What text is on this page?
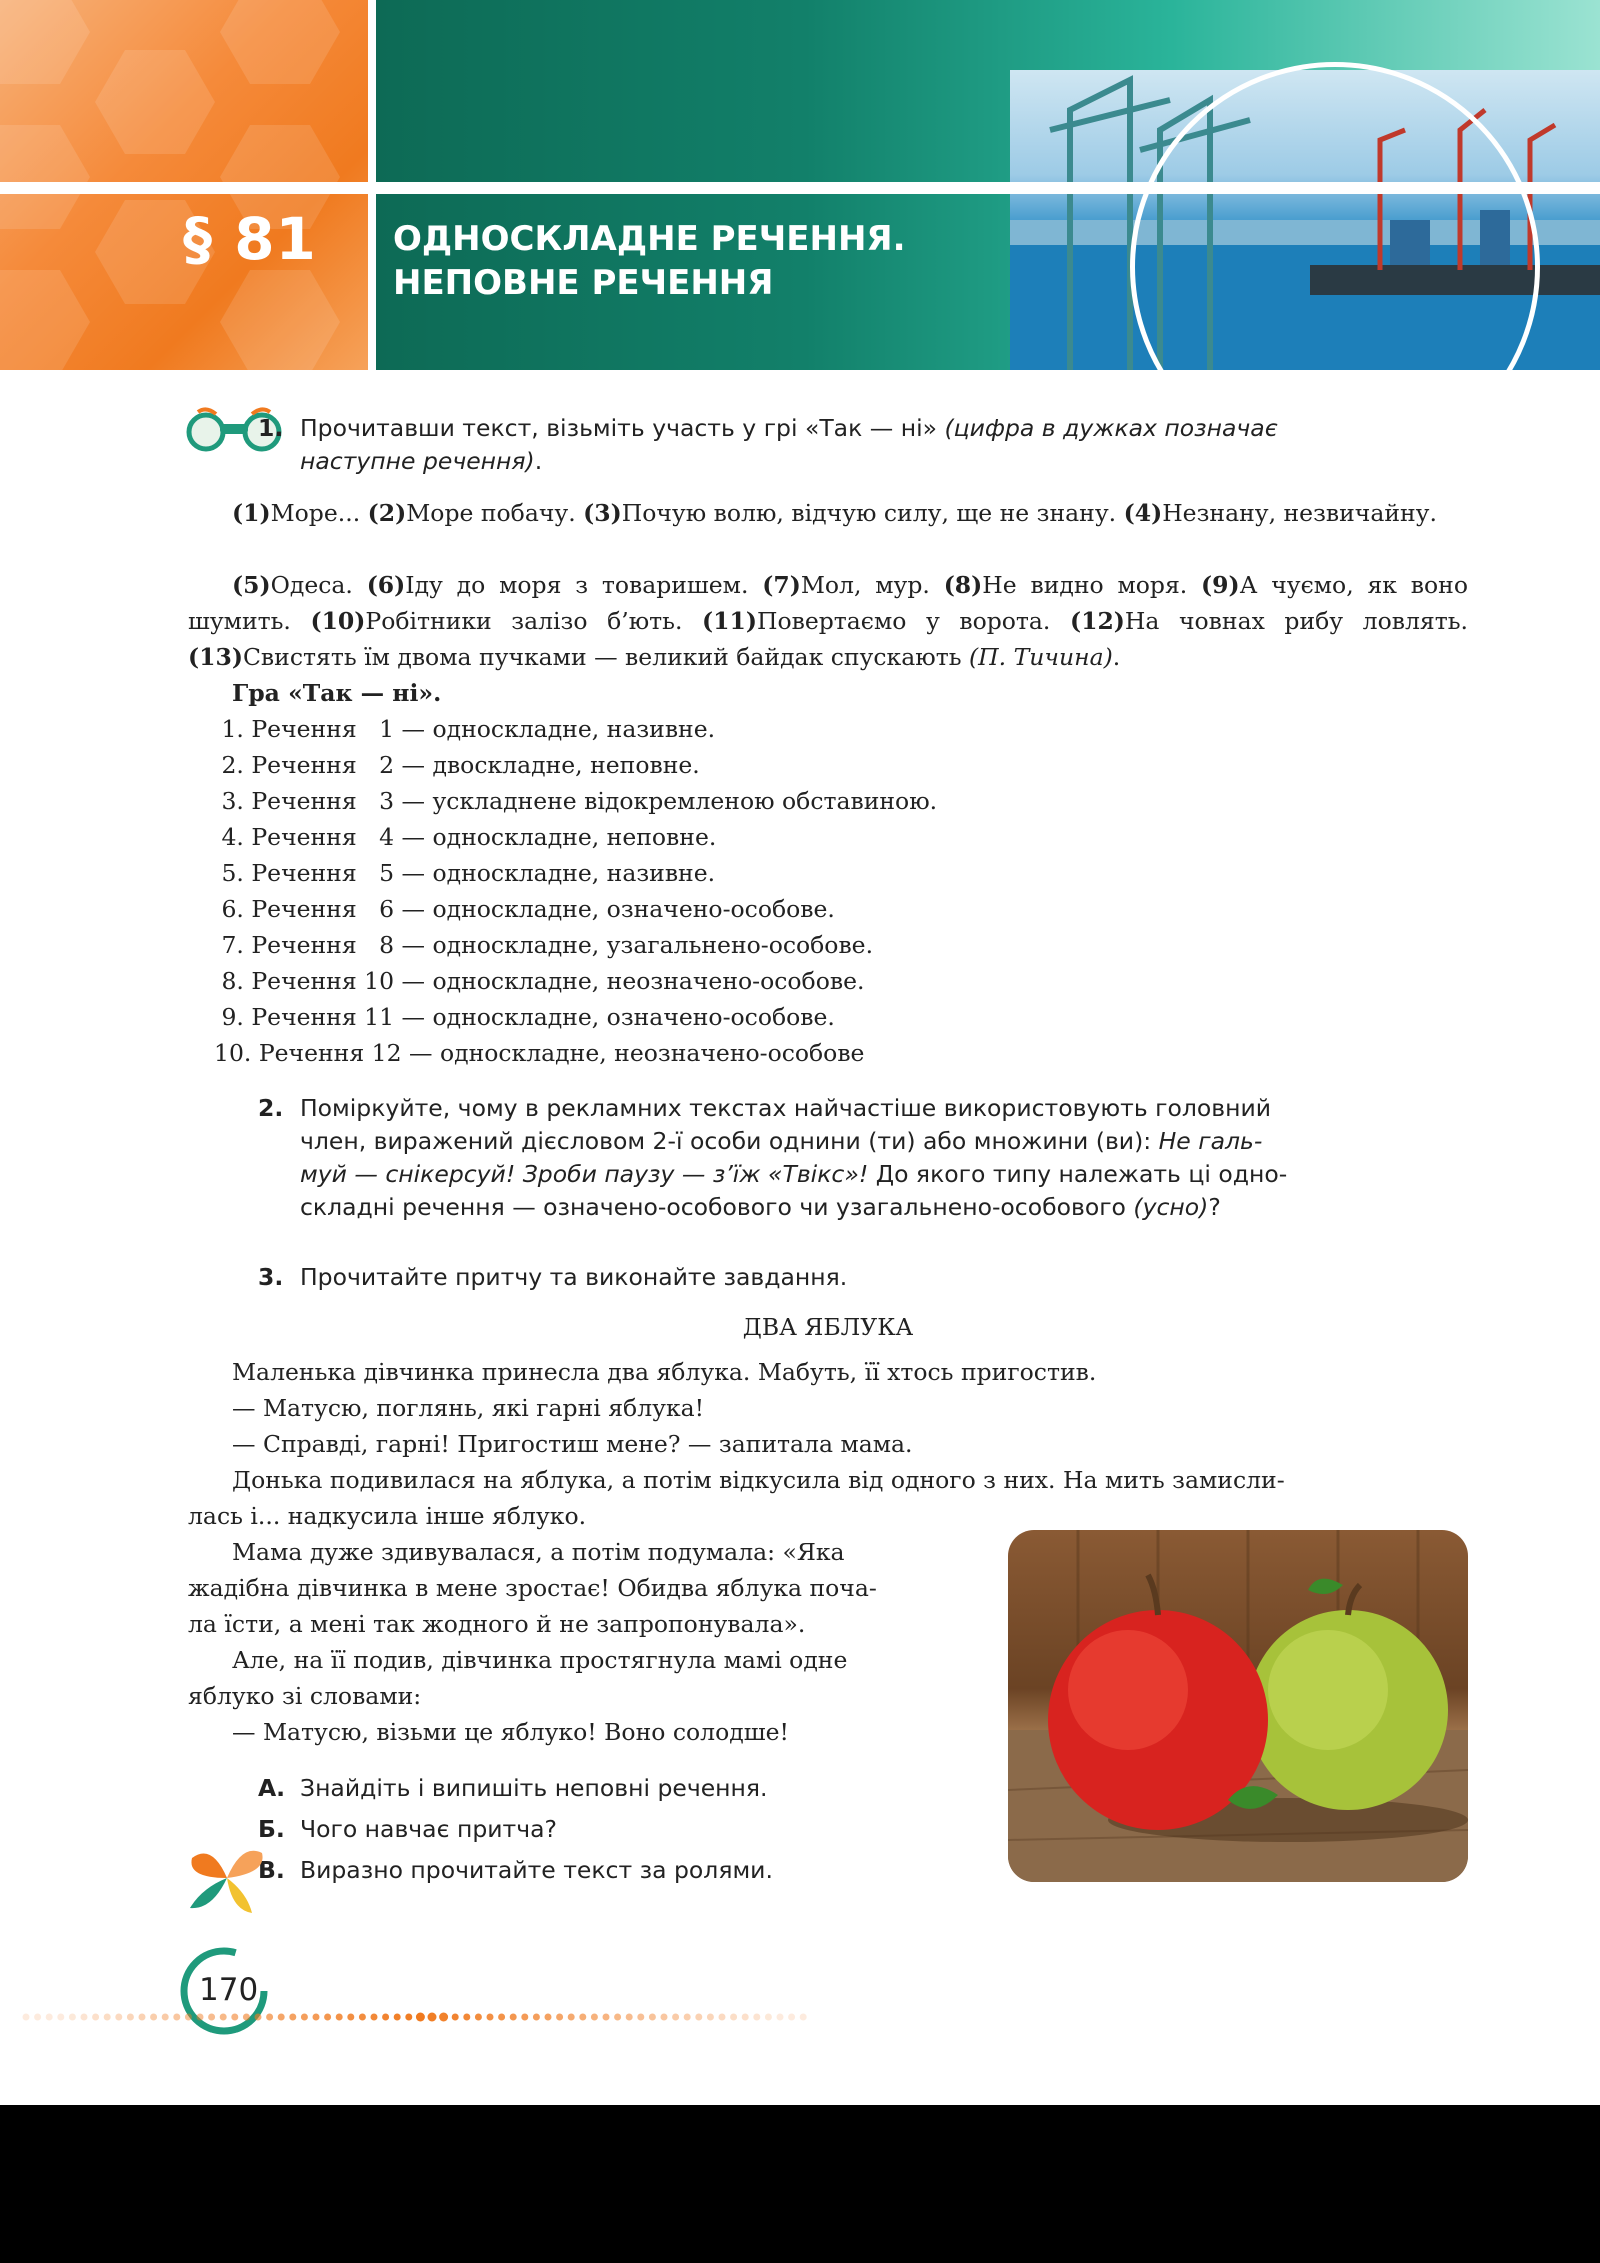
§ 81 ОДНОСКЛАДНЕ РЕЧЕННЯ.
НЕПОВНЕ РЕЧЕННЯ
1. Прочитавши текст, візьміть участь у грі «Так — ні» (цифра в дужках позначає
наступне речення).
(1)Море... (2)Море побачу. (3)Почую волю, відчую силу, ще не знану. (4)Незнану, незвичайну.
(5)Одеса. (6)Іду до моря з товаришем. (7)Мол, мур. (8)Не видно моря. (9)А чуємо, як воно шумить. (10)Робітники залізо б’ють. (11)Повертаємо у ворота. (12)На човнах рибу ловлять. (13)Свистять їм двома пучками — великий байдак спускають (П. Тичина).
Гра «Так — ні».
1. Речення   1 — односкладне, називне.
2. Речення   2 — двоскладне, неповне.
3. Речення   3 — ускладнене відокремленою обставиною.
4. Речення   4 — односкладне, неповне.
5. Речення   5 — односкладне, називне.
6. Речення   6 — односкладне, означено-особове.
7. Речення   8 — односкладне, узагальнено-особове.
8. Речення 10 — односкладне, неозначено-особове.
9. Речення 11 — односкладне, означено-особове.
10. Речення 12 — односкладне, неозначено-особове
2. Поміркуйте, чому в рекламних текстах найчастіше використовують головний
член, виражений дієсловом 2-ї особи однини (ти) або множини (ви): Не галь-
муй — снікерсуй! Зроби паузу — з’їж «Твікс»! До якого типу належать ці одно-
складні речення — означено-особового чи узагальнено-особового (усно)?
3. Прочитайте притчу та виконайте завдання.
ДВА ЯБЛУКА
Маленька дівчинка принесла два яблука. Мабуть, її хтось пригостив.
— Матусю, поглянь, які гарні яблука!
— Справді, гарні! Пригостиш мене? — запитала мама.
Донька подивилася на яблука, а потім відкусила від одного з них. На мить замисли-
лась і... надкусила інше яблуко.
Мама дуже здивувалася, а потім подумала: «Яка
жадібна дівчинка в мене зростає! Обидва яблука поча-
ла їсти, а мені так жодного й не запропонувала».
Але, на її подив, дівчинка простягнула мамі одне
яблуко зі словами:
— Матусю, візьми це яблуко! Воно солодше!
А. Знайдіть і випишіть неповні речення.
Б. Чого навчає притча?
В. Виразно прочитайте текст за ролями.
170
